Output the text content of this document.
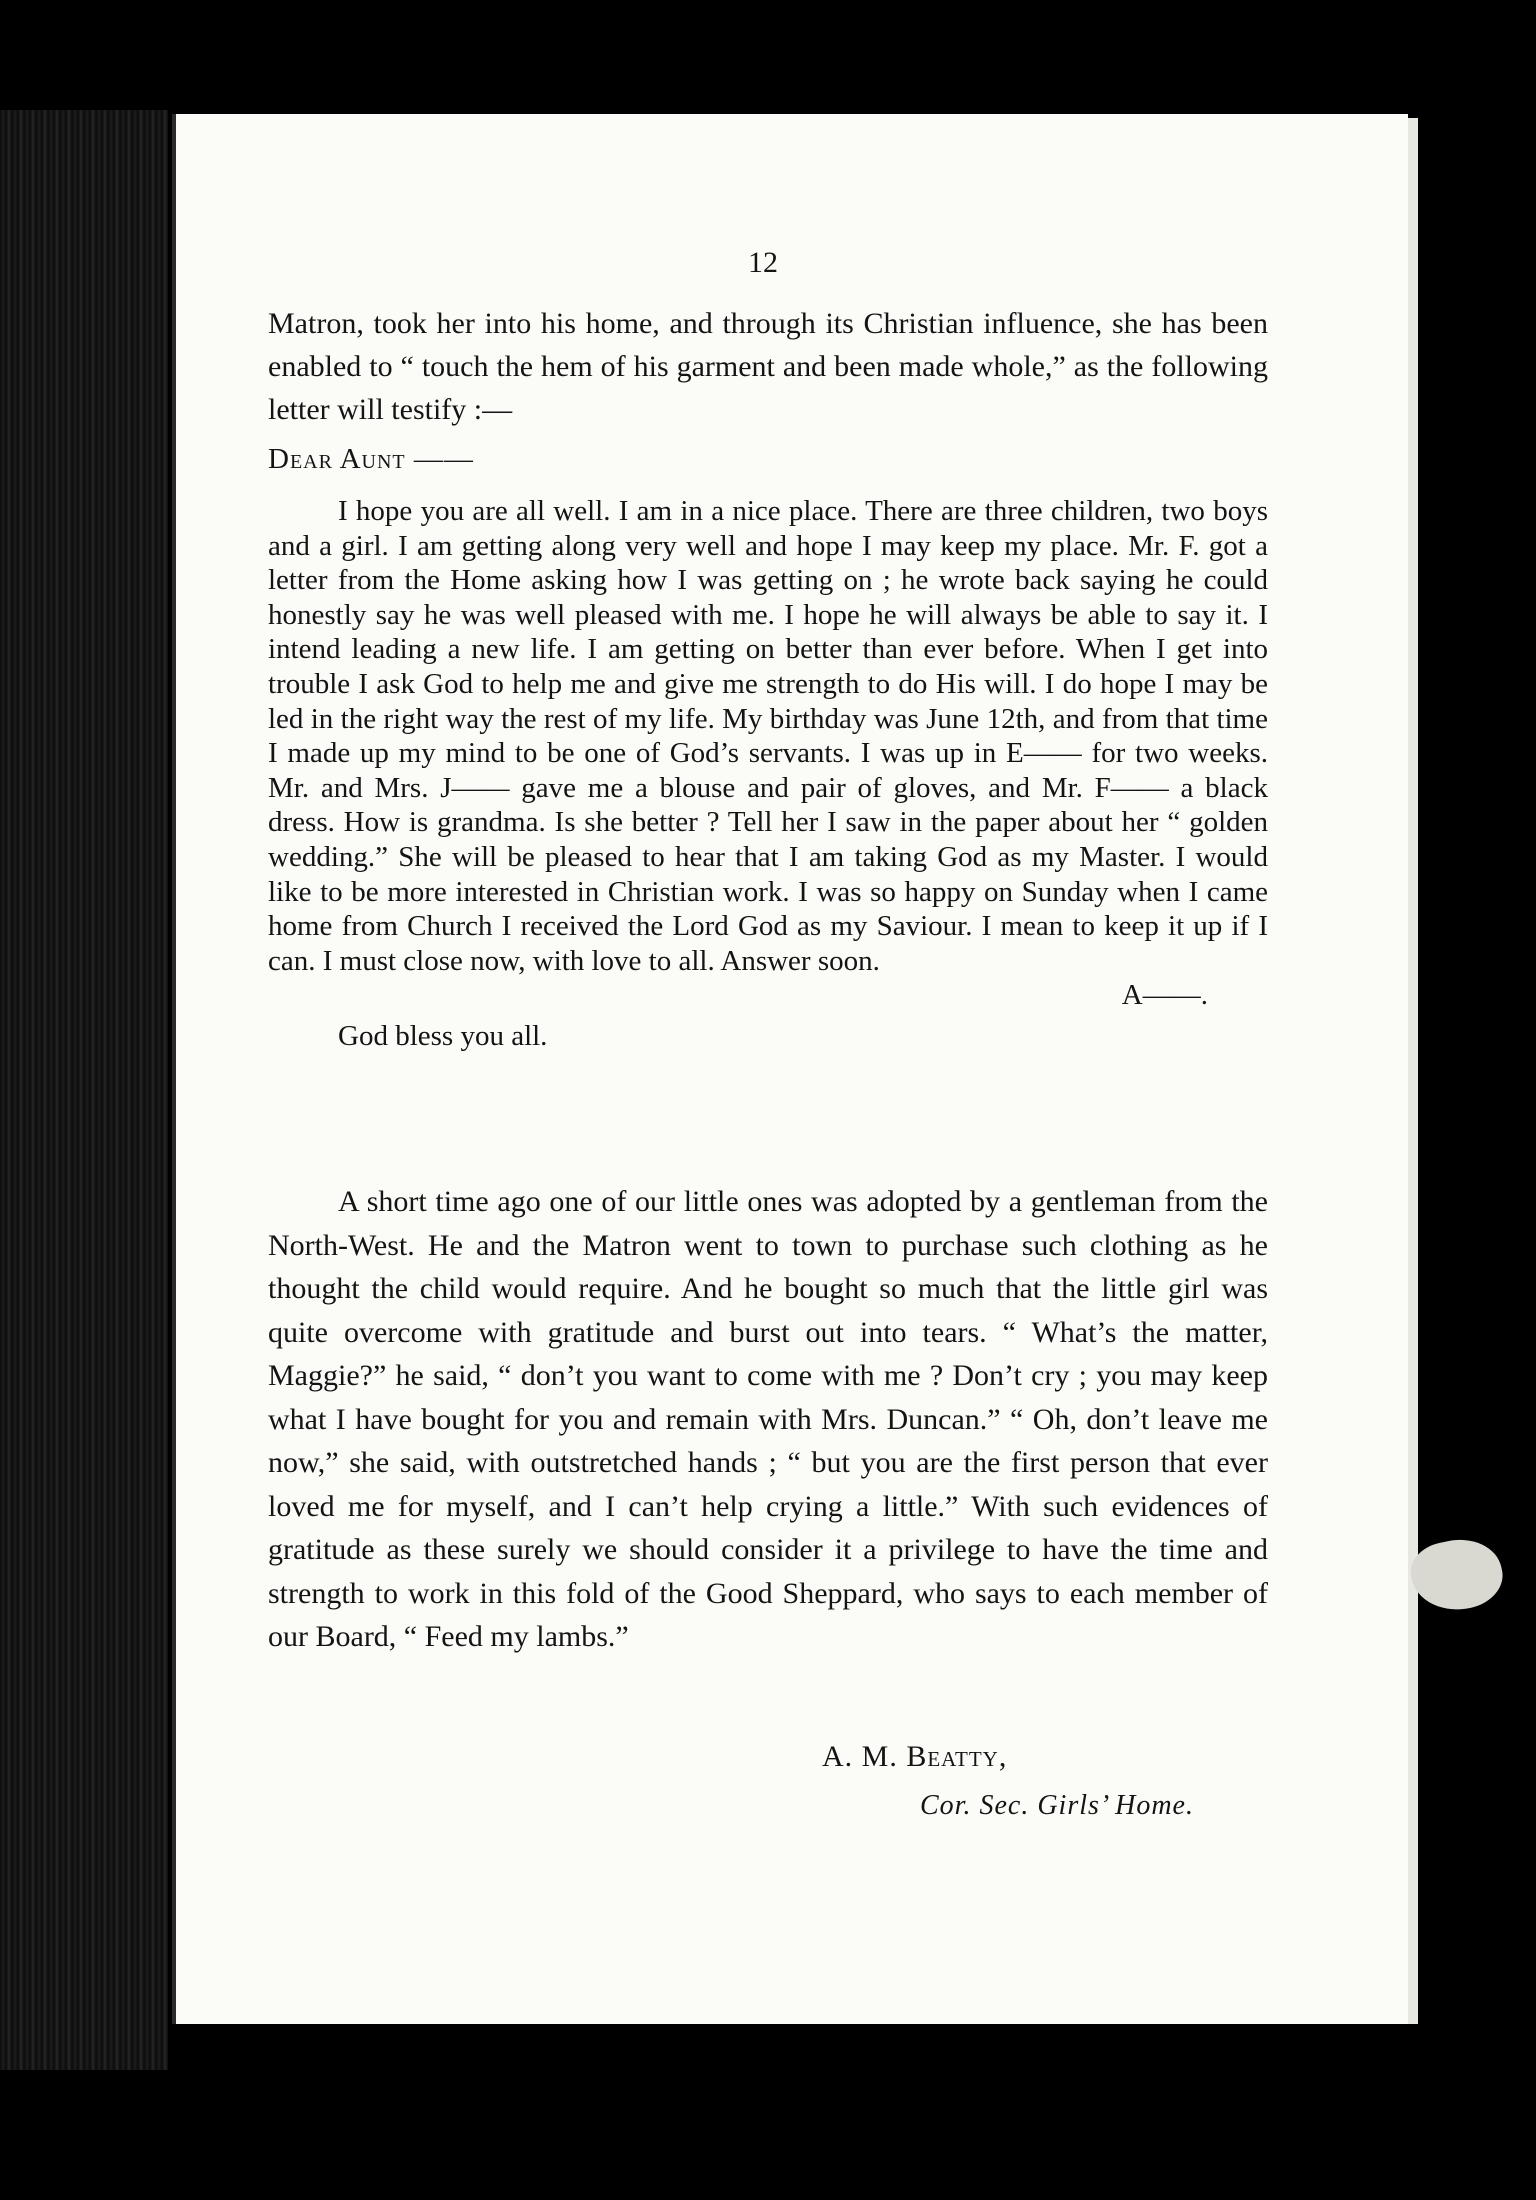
12

Matron, took her into his home, and through its Christian influence, she has been enabled to “ touch the hem of his garment and been made whole,” as the following letter will testify :—

Dear Aunt ——

I hope you are all well. I am in a nice place. There are three children, two boys and a girl. I am getting along very well and hope I may keep my place. Mr. F. got a letter from the Home asking how I was getting on ; he wrote back saying he could honestly say he was well pleased with me. I hope he will always be able to say it. I intend leading a new life. I am getting on better than ever before. When I get into trouble I ask God to help me and give me strength to do His will. I do hope I may be led in the right way the rest of my life. My birthday was June 12th, and from that time I made up my mind to be one of God’s servants. I was up in E—— for two weeks. Mr. and Mrs. J—— gave me a blouse and pair of gloves, and Mr. F—— a black dress. How is grandma. Is she better ? Tell her I saw in the paper about her “ golden wedding.” She will be pleased to hear that I am taking God as my Master. I would like to be more interested in Christian work. I was so happy on Sunday when I came home from Church I received the Lord God as my Saviour. I mean to keep it up if I can. I must close now, with love to all. Answer soon.

A——.

God bless you all.

A short time ago one of our little ones was adopted by a gentleman from the North-West. He and the Matron went to town to purchase such clothing as he thought the child would require. And he bought so much that the little girl was quite overcome with gratitude and burst out into tears. “ What’s the matter, Maggie?” he said, “ don’t you want to come with me ? Don’t cry ; you may keep what I have bought for you and remain with Mrs. Duncan.” “ Oh, don’t leave me now,” she said, with outstretched hands ; “ but you are the first person that ever loved me for myself, and I can’t help crying a little.” With such evidences of gratitude as these surely we should consider it a privilege to have the time and strength to work in this fold of the Good Sheppard, who says to each member of our Board, “ Feed my lambs.”

A. M. Beatty,

Cor. Sec. Girls’ Home.
